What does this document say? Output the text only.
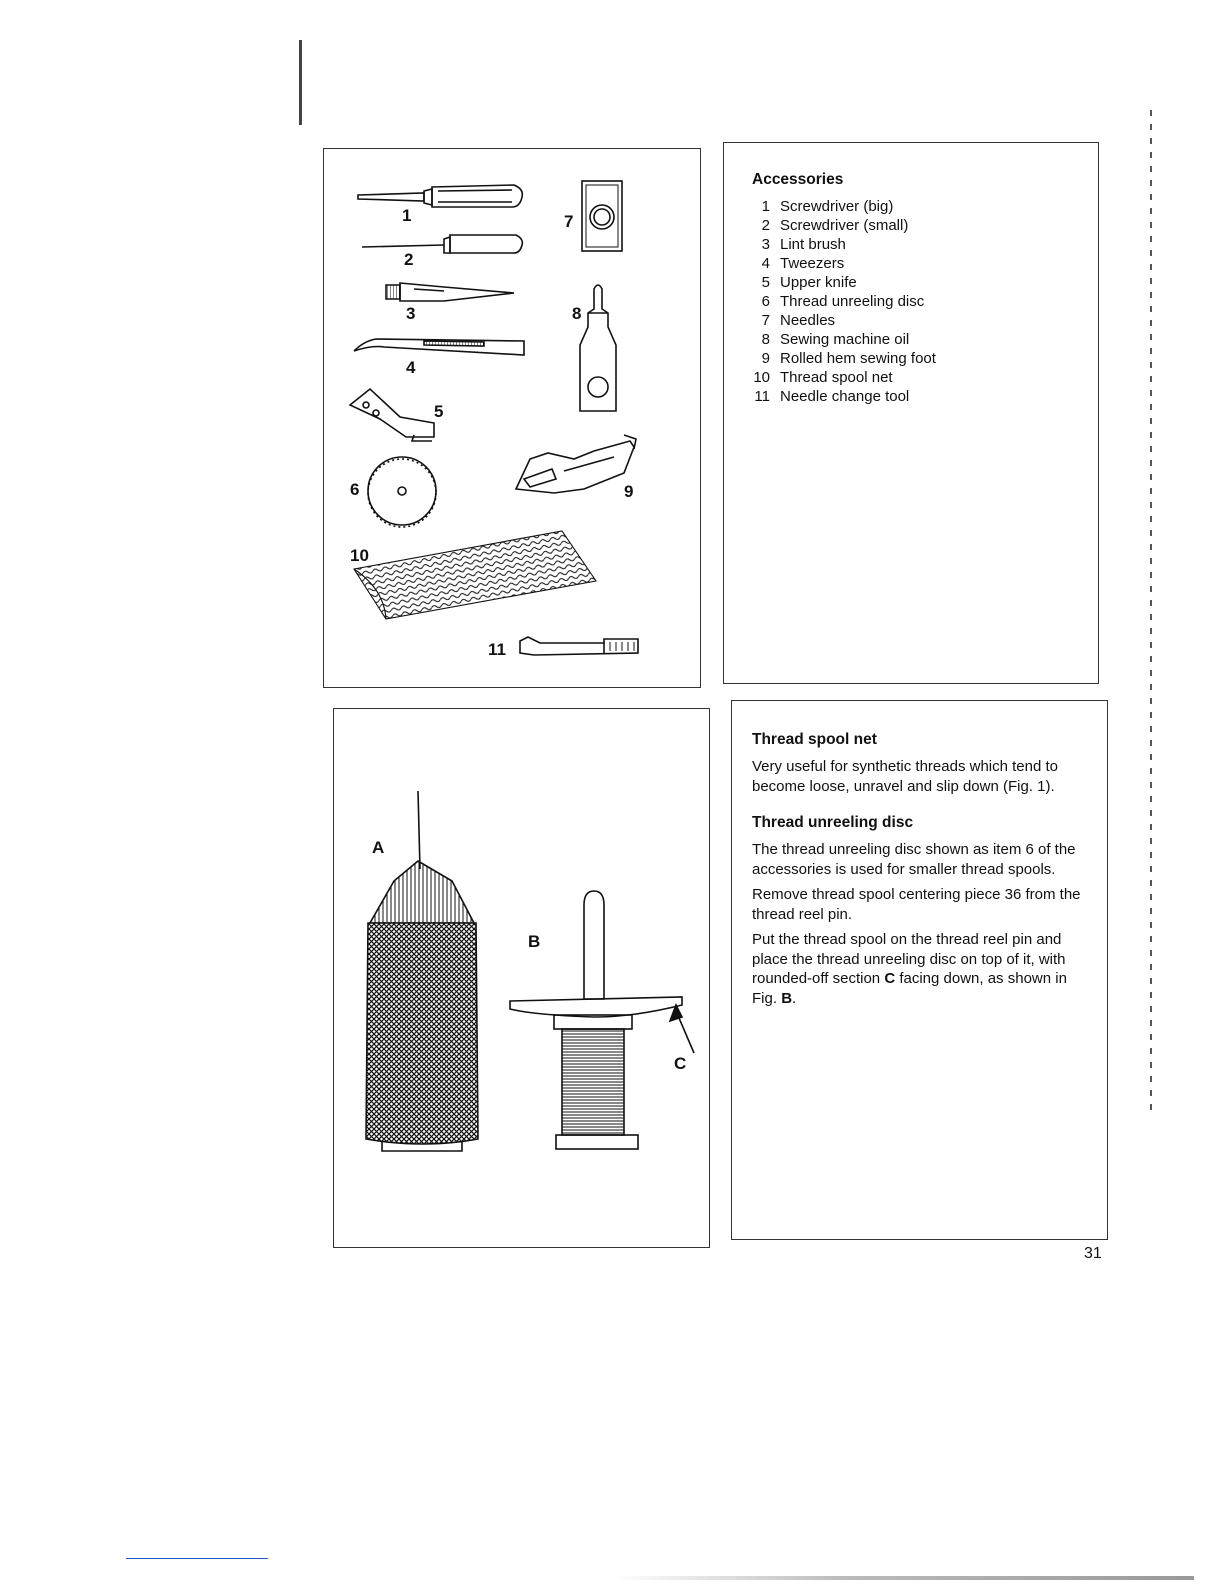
1
2
3
4
5
6
7
8
9
10
11
Accessories
1 Screwdriver (big)
2 Screwdriver (small)
3 Lint brush
4 Tweezers
5 Upper knife
6 Thread unreeling disc
7 Needles
8 Sewing machine oil
9 Rolled hem sewing foot
10 Thread spool net
11 Needle change tool
A
B
C
Thread spool net

Very useful for synthetic threads which tend to become loose, unravel and slip down (Fig. 1).

Thread unreeling disc

The thread unreeling disc shown as item 6 of the accessories is used for smaller thread spools.

Remove thread spool centering piece 36 from the thread reel pin.

Put the thread spool on the thread reel pin and place the thread unreeling disc on top of it, with rounded-off section C facing down, as shown in Fig. B.

31
